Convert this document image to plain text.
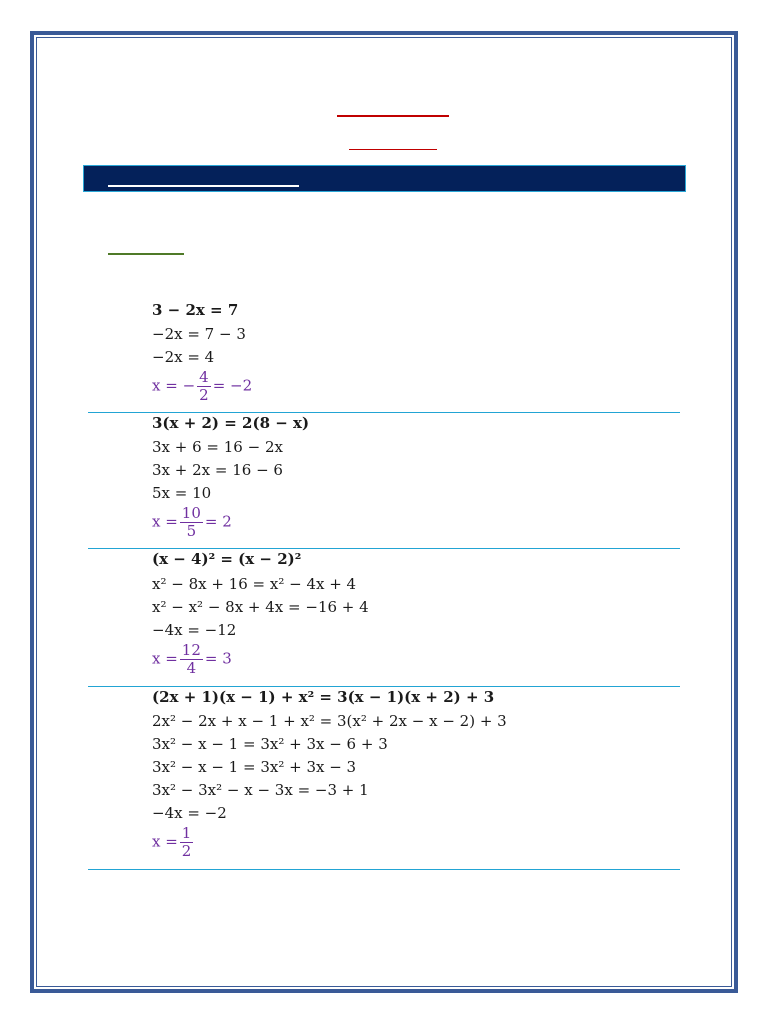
3 − 2x = 7
−2x = 7 − 3
−2x = 4
x = − $\frac{4}{2} = -2$
3(x + 2) = 2(8 − x)
3x + 6 = 16 − 2x
3x + 2x = 16 − 6
5x = 10
$x = \frac{10}{5} = 2$
(x − 4)² = (x − 2)²
x² − 8x + 16 = x² − 4x + 4
x² − x² − 8x + 4x = −16 + 4
−4x = −12
$x = \frac{12}{4} = 3$
(2x + 1)(x − 1) + x² = 3(x − 1)(x + 2) + 3
2x² − 2x + x − 1 + x² = 3(x² + 2x − x − 2) + 3
3x² − x − 1 = 3x² + 3x − 6 + 3
3x² − x − 1 = 3x² + 3x − 3
3x² − 3x² − x − 3x = −3 + 1
−4x = −2
$x = \frac{1}{2}$
